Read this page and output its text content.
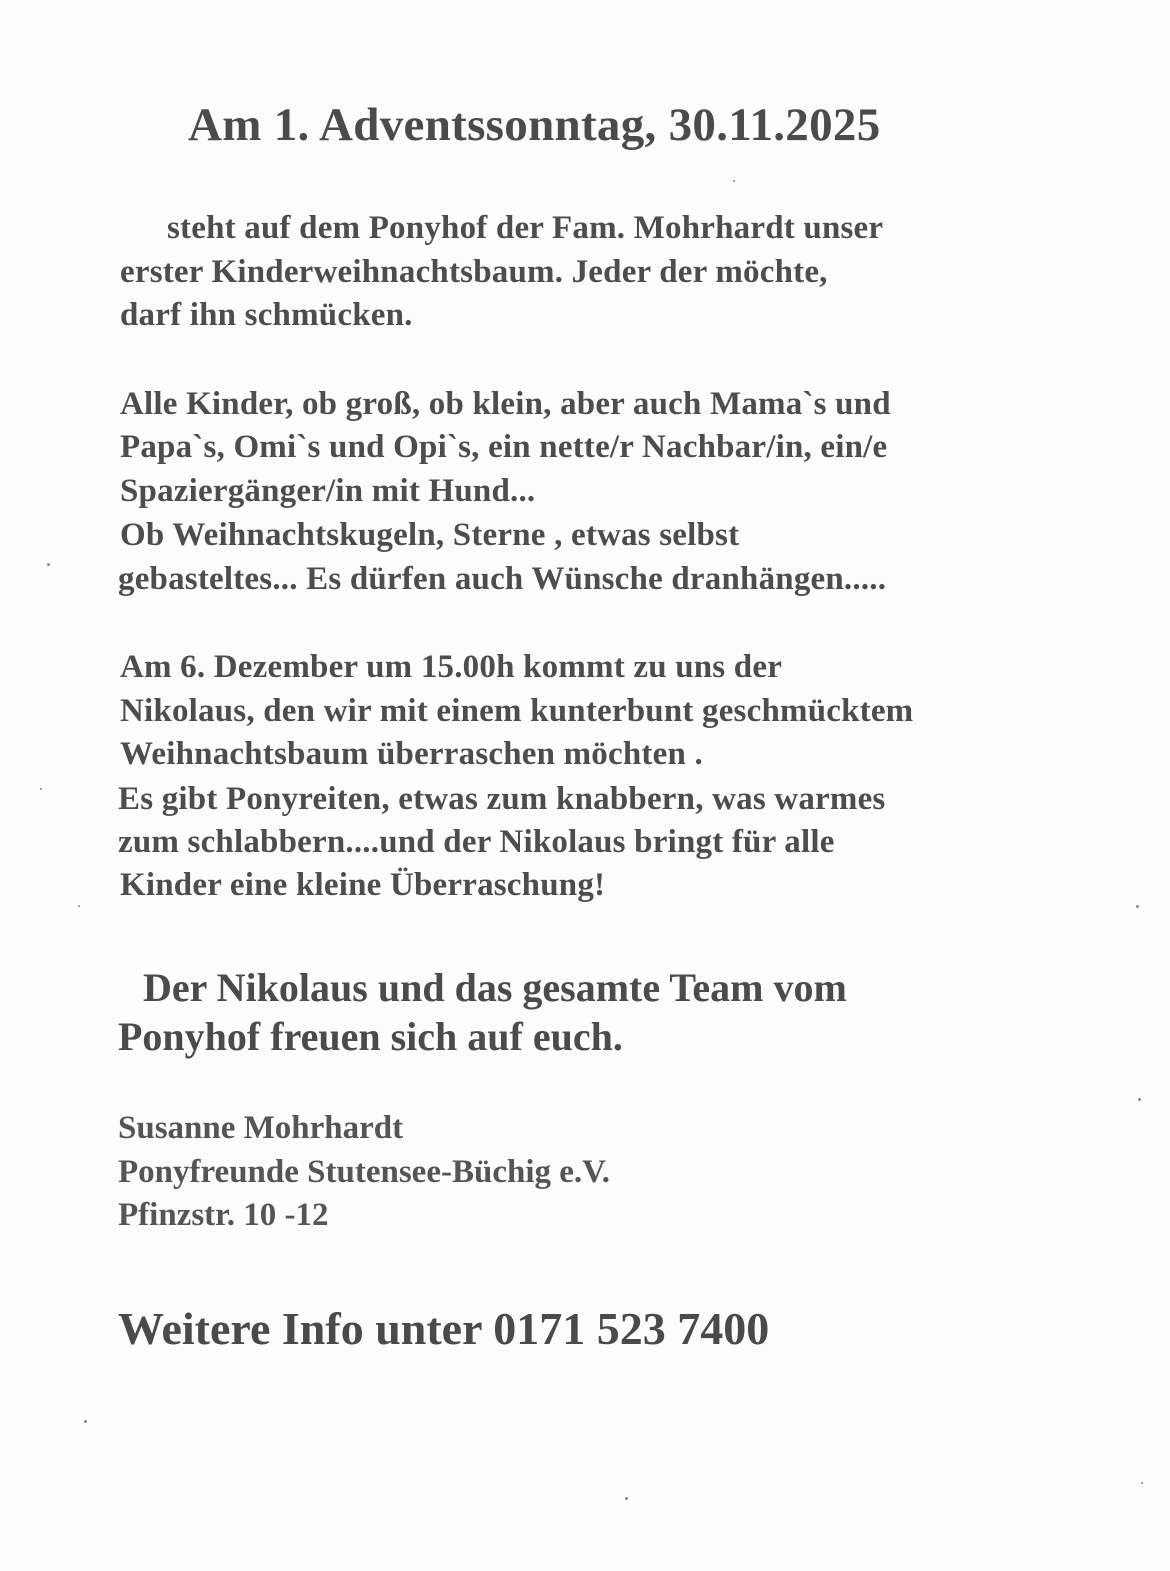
Am 1. Adventssonntag, 30.11.2025
steht auf dem Ponyhof der Fam. Mohrhardt unser
erster Kinderweihnachtsbaum. Jeder der möchte,
darf ihn schmücken.
Alle Kinder, ob groß, ob klein, aber auch Mama`s und
Papa`s, Omi`s und Opi`s, ein nette/r Nachbar/in, ein/e
Spaziergänger/in mit Hund...
Ob Weihnachtskugeln, Sterne , etwas selbst
gebasteltes... Es dürfen auch Wünsche dranhängen.....
Am 6. Dezember um 15.00h kommt zu uns der
Nikolaus, den wir mit einem kunterbunt geschmücktem
Weihnachtsbaum überraschen möchten .
Es gibt Ponyreiten, etwas zum knabbern, was warmes
zum schlabbern....und der Nikolaus bringt für alle
Kinder eine kleine Überraschung!
Der Nikolaus und das gesamte Team vom
Ponyhof freuen sich auf euch.
Susanne Mohrhardt
Ponyfreunde Stutensee-Büchig e.V.
Pfinzstr. 10 -12
Weitere Info unter 0171 523 7400
